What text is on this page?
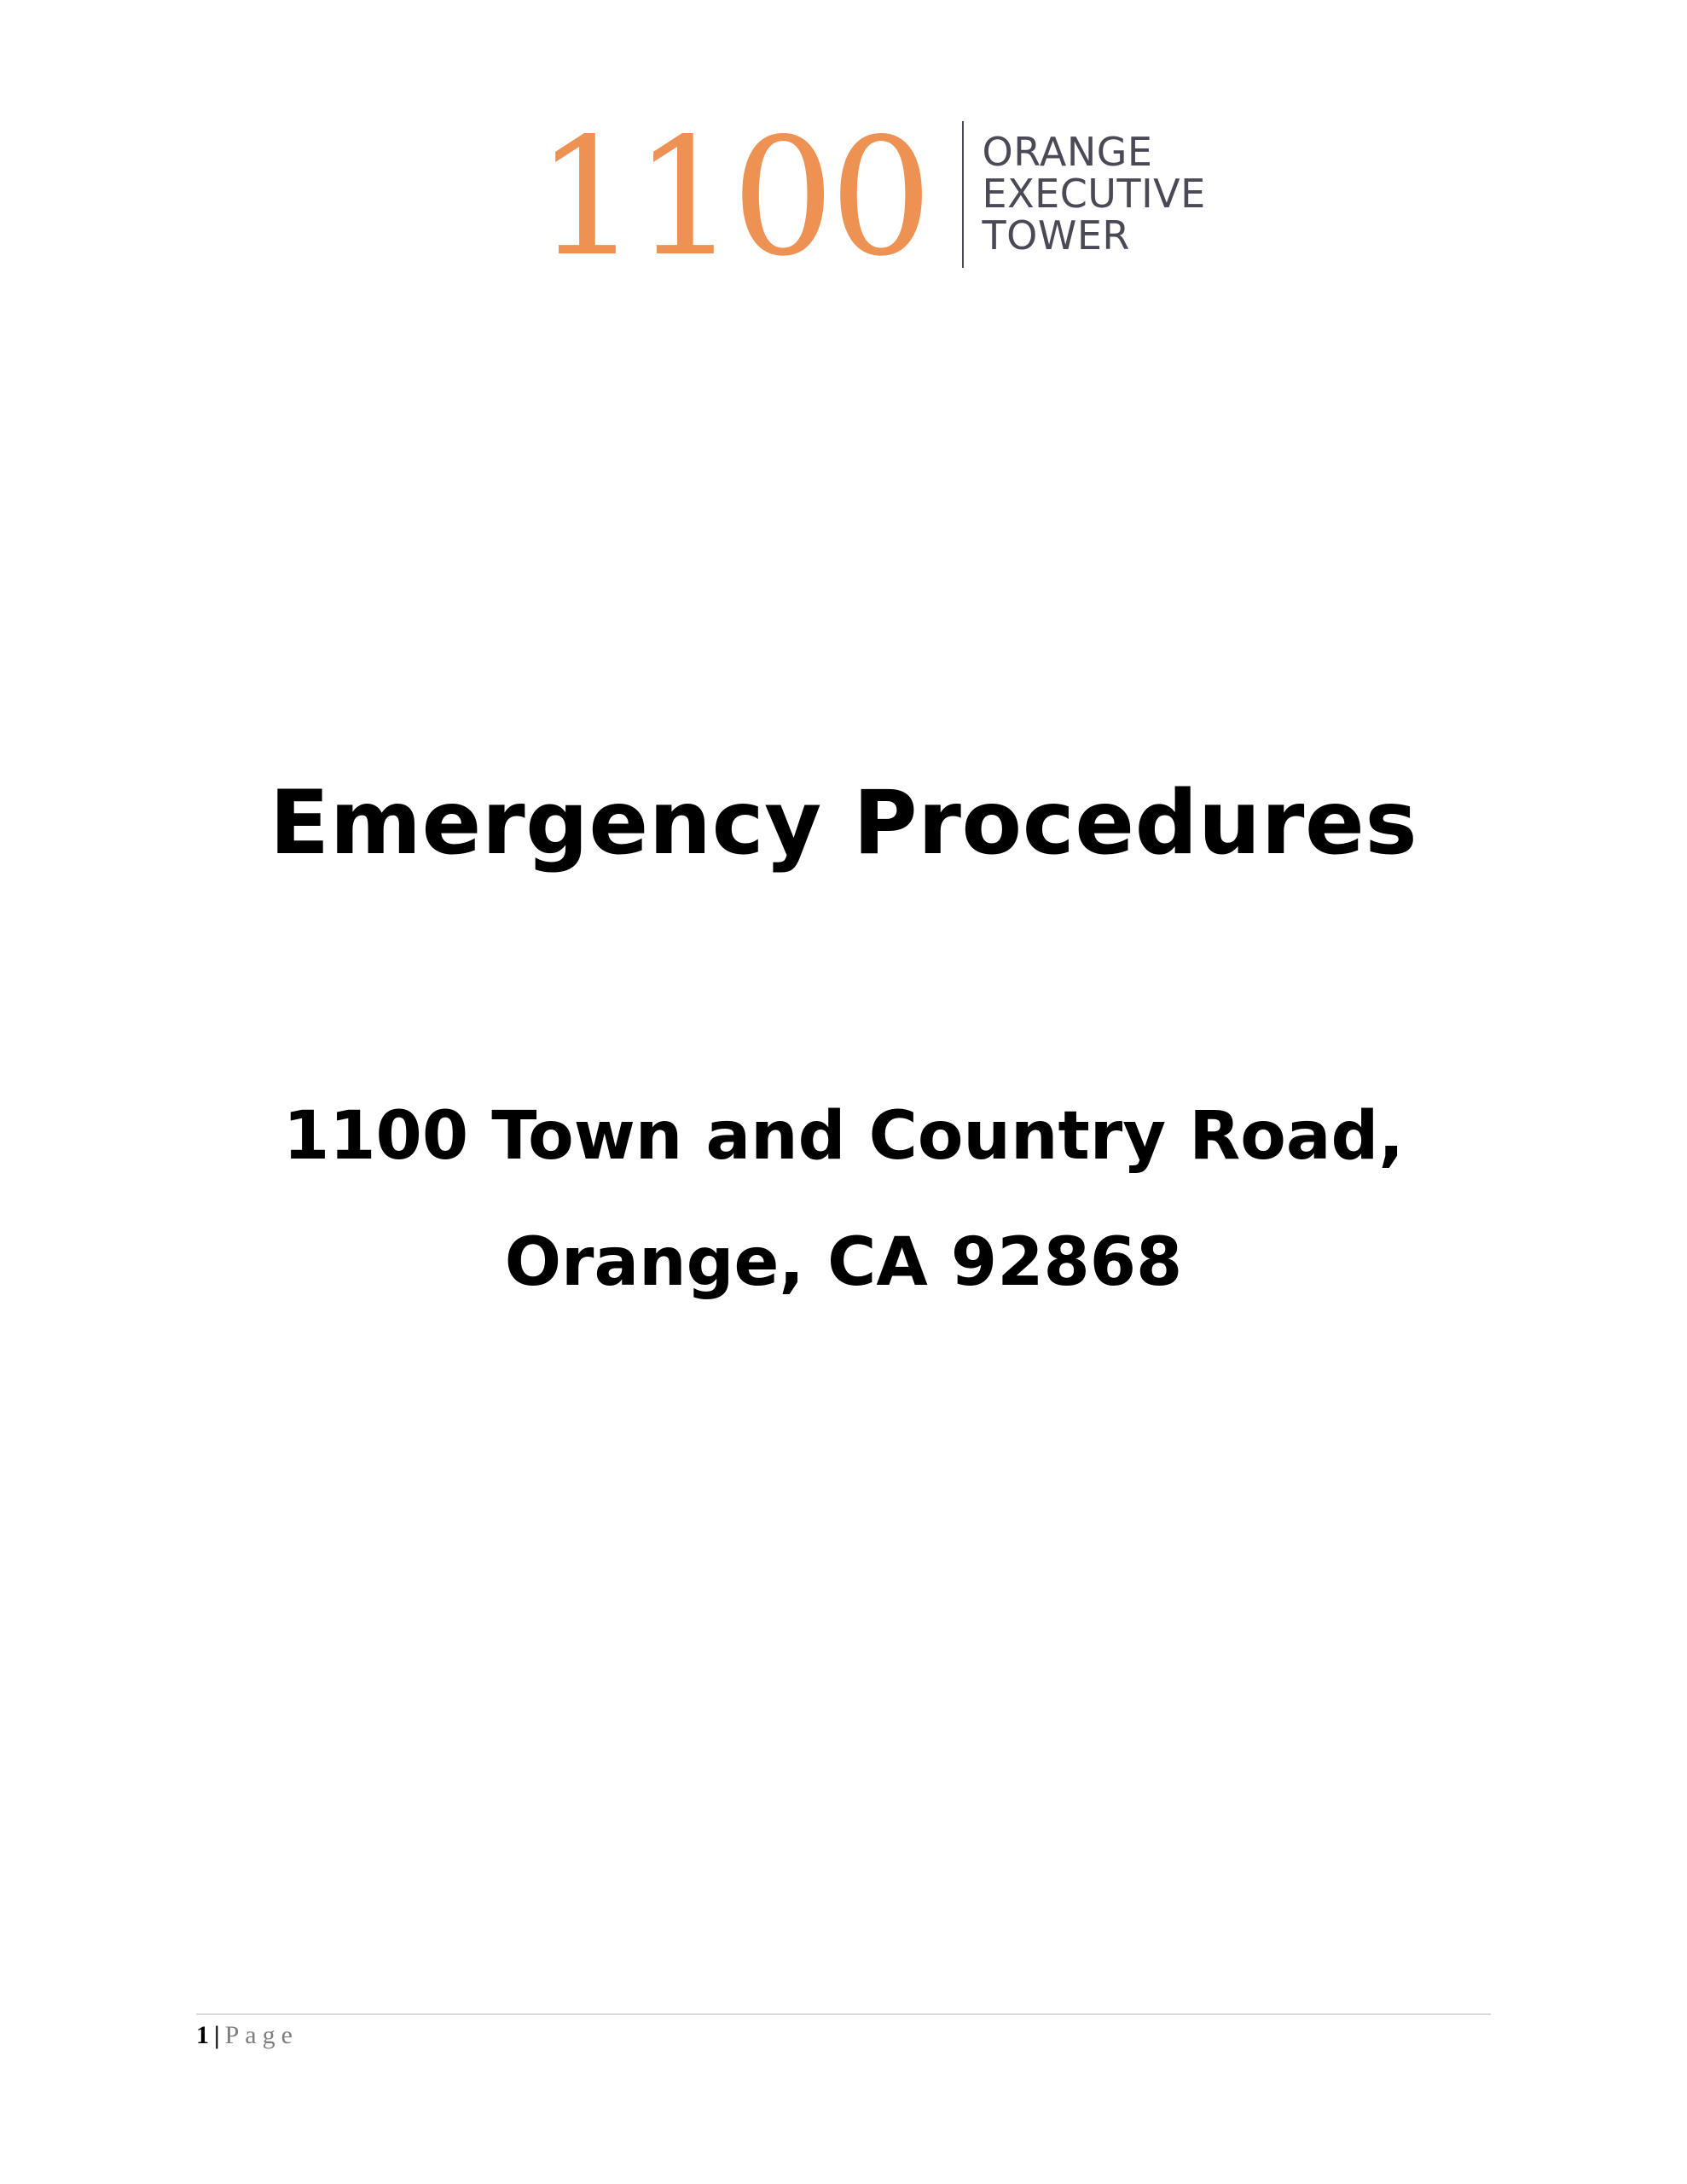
1100 ORANGE
EXECUTIVE
TOWER
Emergency Procedures
1100 Town and Country Road,
Orange, CA 92868
1 | Page
